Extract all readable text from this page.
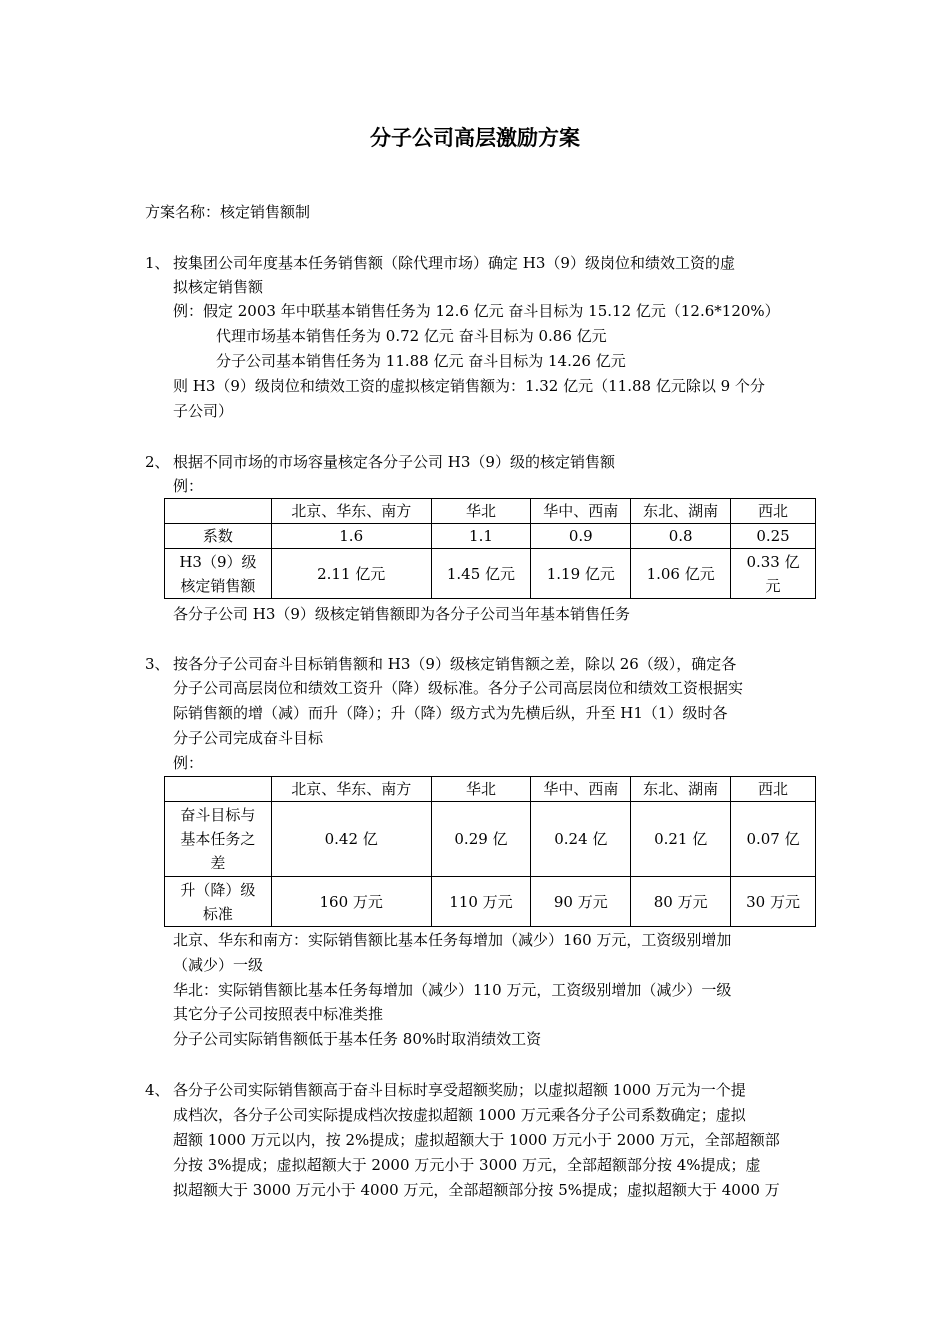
分子公司高层激励方案
方案名称：核定销售额制
1、 按集团公司年度基本任务销售额（除代理市场）确定 H3（9）级岗位和绩效工资的虚
拟核定销售额
例：假定 2003 年中联基本销售任务为 12.6 亿元 奋斗目标为 15.12 亿元（12.6*120%）
代理市场基本销售任务为 0.72 亿元 奋斗目标为 0.86 亿元
分子公司基本销售任务为 11.88 亿元 奋斗目标为 14.26 亿元
则 H3（9）级岗位和绩效工资的虚拟核定销售额为：1.32 亿元（11.88 亿元除以 9 个分
子公司）
2、 根据不同市场的市场容量核定各分子公司 H3（9）级的核定销售额
例：
	北京、华东、南方	华北	华中、西南	东北、湖南	西北
系数	1.6	1.1	0.9	0.8	0.25
H3（9）级
核定销售额	2.11 亿元	1.45 亿元	1.19 亿元	1.06 亿元	0.33 亿
元
各分子公司 H3（9）级核定销售额即为各分子公司当年基本销售任务
3、 按各分子公司奋斗目标销售额和 H3（9）级核定销售额之差，除以 26（级），确定各
分子公司高层岗位和绩效工资升（降）级标准。各分子公司高层岗位和绩效工资根据实
际销售额的增（减）而升（降）；升（降）级方式为先横后纵，升至 H1（1）级时各
分子公司完成奋斗目标
例：
	北京、华东、南方	华北	华中、西南	东北、湖南	西北
奋斗目标与
基本任务之
差	0.42 亿	0.29 亿	0.24 亿	0.21 亿	0.07 亿
升（降）级
标准	160 万元	110 万元	90 万元	80 万元	30 万元
北京、华东和南方：实际销售额比基本任务每增加（减少）160 万元，工资级别增加
（减少）一级
华北：实际销售额比基本任务每增加（减少）110 万元，工资级别增加（减少）一级
其它分子公司按照表中标准类推
分子公司实际销售额低于基本任务 80%时取消绩效工资
4、 各分子公司实际销售额高于奋斗目标时享受超额奖励；以虚拟超额 1000 万元为一个提
成档次，各分子公司实际提成档次按虚拟超额 1000 万元乘各分子公司系数确定；虚拟
超额 1000 万元以内，按 2%提成；虚拟超额大于 1000 万元小于 2000 万元，全部超额部
分按 3%提成；虚拟超额大于 2000 万元小于 3000 万元，全部超额部分按 4%提成；虚
拟超额大于 3000 万元小于 4000 万元，全部超额部分按 5%提成；虚拟超额大于 4000 万
